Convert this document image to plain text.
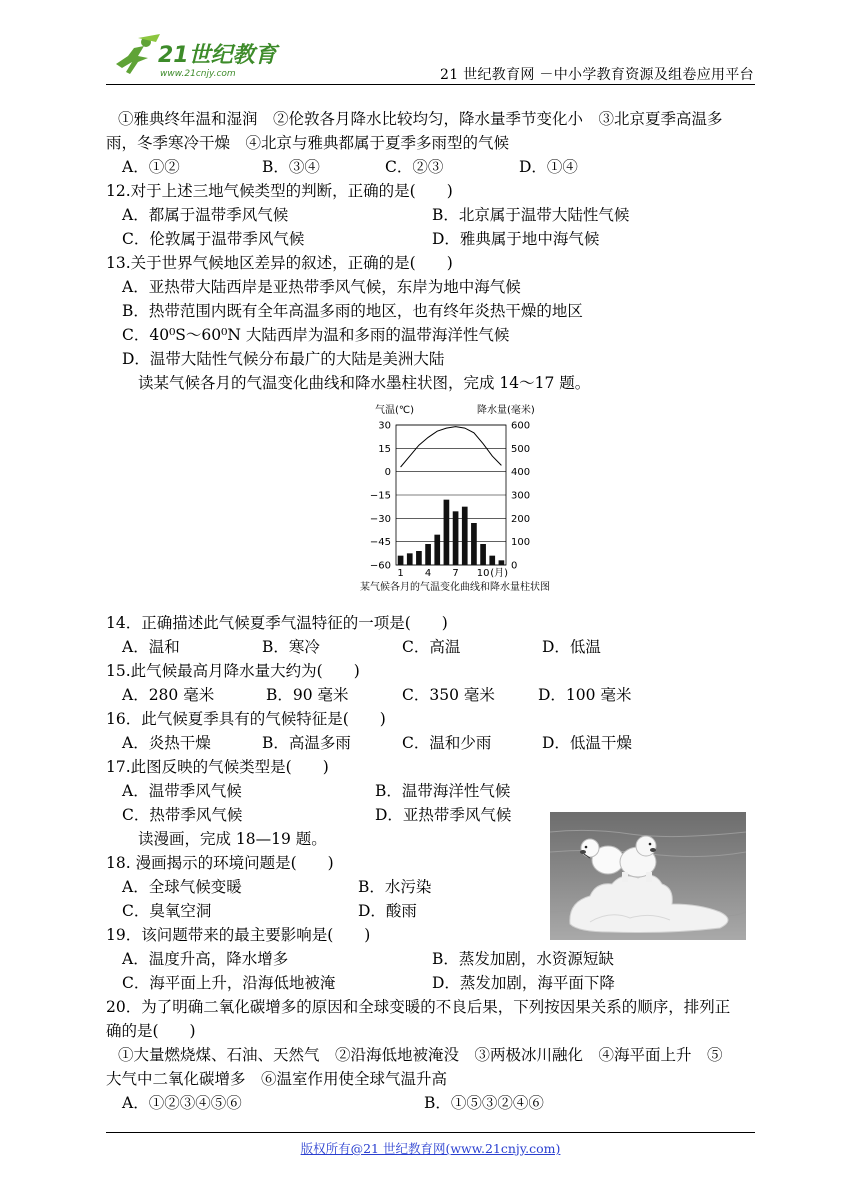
21世纪教育
www.21cnjy.com	21 世纪教育网 －中小学教育资源及组卷应用平台
①雅典终年温和湿润　②伦敦各月降水比较均匀，降水量季节变化小　③北京夏季高温多
雨，冬季寒冷干燥　④北京与雅典都属于夏季多雨型的气候
A．①②	B．③④	C．②③	D．①④
12.对于上述三地气候类型的判断，正确的是(　　)
A．都属于温带季风气候	B．北京属于温带大陆性气候
C．伦敦属于温带季风气候	D．雅典属于地中海气候
13.关于世界气候地区差异的叙述，正确的是(　　)
A．亚热带大陆西岸是亚热带季风气候，东岸为地中海气候
B．热带范围内既有全年高温多雨的地区，也有终年炎热干燥的地区
C．40⁰S～60⁰N 大陆西岸为温和多雨的温带海洋性气候
D．温带大陆性气候分布最广的大陆是美洲大陆
读某气候各月的气温变化曲线和降水墨柱状图，完成 14～17 题。
14．正确描述此气候夏季气温特征的一项是(　　)
A．温和	B．寒冷	C．高温	D．低温
15.此气候最高月降水量大约为(　　)
A．280 毫米	B．90 毫米	C．350 毫米	D．100 毫米
16．此气候夏季具有的气候特征是(　　)
A．炎热干燥	B．高温多雨	C．温和少雨	D．低温干燥
17.此图反映的气候类型是(　　)
A．温带季风气候	B．温带海洋性气候
C．热带季风气候	D．亚热带季风气候
读漫画，完成 18—19 题。
18. 漫画揭示的环境问题是(　　)
A．全球气候变暖	B．水污染
C．臭氧空洞	D．酸雨
19．该问题带来的最主要影响是(　　)
A．温度升高，降水增多	B．蒸发加剧，水资源短缺
C．海平面上升，沿海低地被淹	D．蒸发加剧，海平面下降
20．为了明确二氧化碳增多的原因和全球变暖的不良后果，下列按因果关系的顺序，排列正
确的是(　　)
①大量燃烧煤、石油、天然气　②沿海低地被淹没　③两极冰川融化　④海平面上升　⑤
大气中二氧化碳增多　⑥温室作用使全球气温升高
A．①②③④⑤⑥	B．①⑤③②④⑥
30
15
0
−15
−30
−45
−60
600
500
400
300
200
100
0
气温(℃)	降水量(毫米)
1 4 7 10 (月)
某气候各月的气温变化曲线和降水量柱状图
版权所有@21 世纪教育网(www.21cnjy.com)
